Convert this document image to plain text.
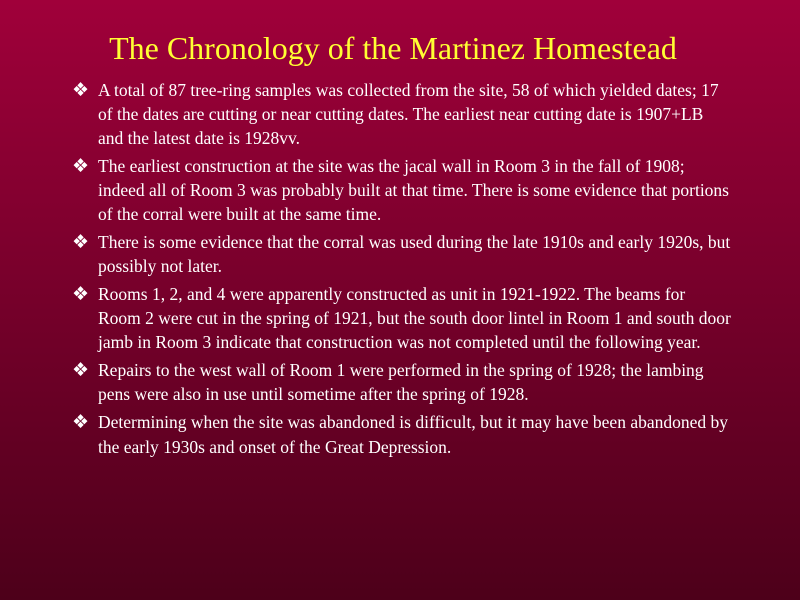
The Chronology of the Martinez Homestead
❖ A total of 87 tree-ring samples was collected from the site, 58 of which yielded dates; 17 of the dates are cutting or near cutting dates. The earliest near cutting date is 1907+LB and the latest date is 1928vv.
❖ The earliest construction at the site was the jacal wall in Room 3 in the fall of 1908; indeed all of Room 3 was probably built at that time. There is some evidence that portions of the corral were built at the same time.
❖ There is some evidence that the corral was used during the late 1910s and early 1920s, but possibly not later.
❖ Rooms 1, 2, and 4 were apparently constructed as unit in 1921-1922. The beams for Room 2 were cut in the spring of 1921, but the south door lintel in Room 1 and south door jamb in Room 3 indicate that construction was not completed until the following year.
❖ Repairs to the west wall of Room 1 were performed in the spring of 1928; the lambing pens were also in use until sometime after the spring of 1928.
❖ Determining when the site was abandoned is difficult, but it may have been abandoned by the early 1930s and onset of the Great Depression.
